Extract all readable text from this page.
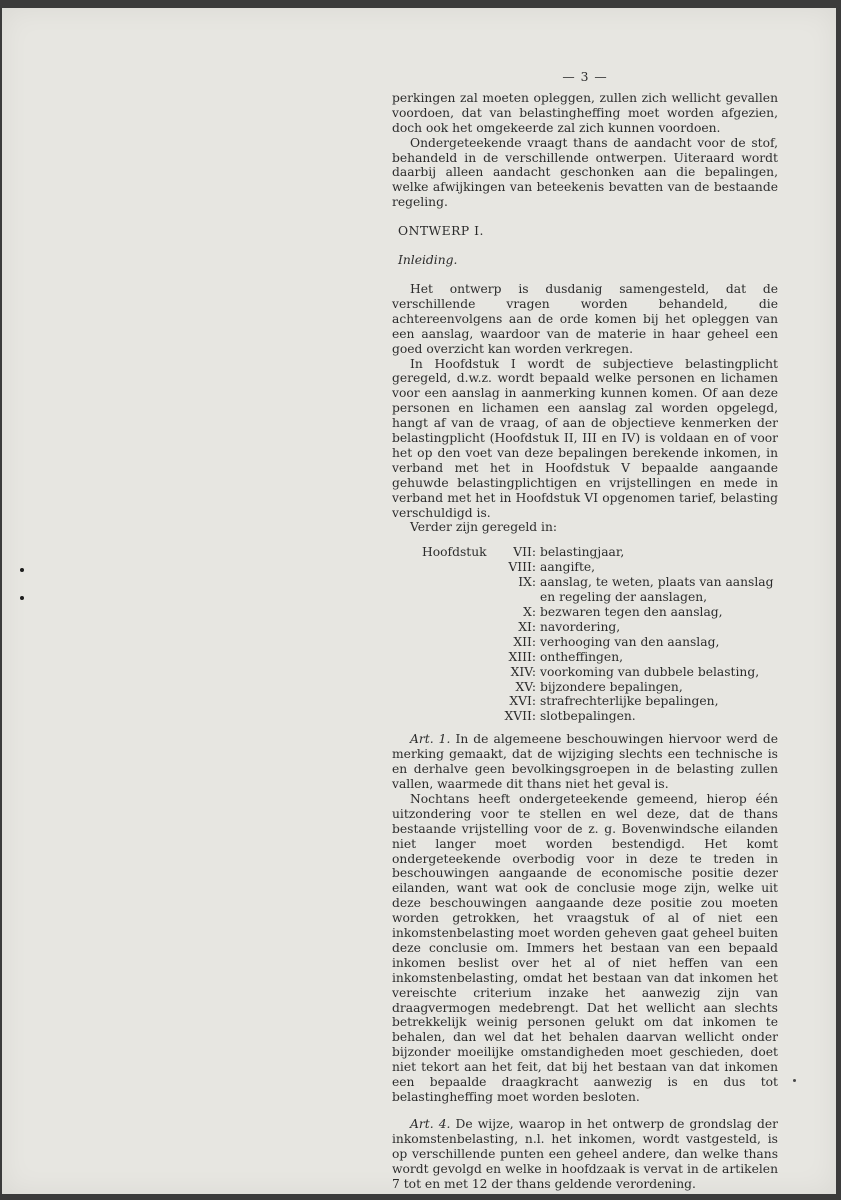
— 3 —

perkingen zal moeten opleggen, zullen zich wellicht gevallen voordoen, dat van belastingheffing moet worden afgezien, doch ook het omgekeerde zal zich kunnen voordoen.

Ondergeteekende vraagt thans de aandacht voor de stof, behandeld in de verschillende ontwerpen. Uiteraard wordt daarbij alleen aandacht geschonken aan die bepalingen, welke afwijkingen van beteekenis bevatten van de bestaande regeling.

ONTWERP I.
Inleiding.

Het ontwerp is dusdanig samengesteld, dat de verschillende vragen worden behandeld, die achtereenvolgens aan de orde komen bij het opleggen van een aanslag, waardoor van de materie in haar geheel een goed overzicht kan worden verkregen.

In Hoofdstuk I wordt de subjectieve belastingplicht geregeld, d.w.z. wordt bepaald welke personen en lichamen voor een aanslag in aanmerking kunnen komen. Of aan deze personen en lichamen een aanslag zal worden opgelegd, hangt af van de vraag, of aan de objectieve kenmerken der belastingplicht (Hoofdstuk II, III en IV) is voldaan en of voor het op den voet van deze bepalingen berekende inkomen, in verband met het in Hoofdstuk V bepaalde aangaande gehuwde belastingplichtigen en vrijstellingen en mede in verband met het in Hoofdstuk VI opgenomen tarief, belasting verschuldigd is.

Verder zijn geregeld in:

Hoofdstuk	VII: belastingjaar,
VIII: aangifte,
IX: aanslag, te weten, plaats van aanslag en regeling der aanslagen,
X: bezwaren tegen den aanslag,
XI: navordering,
XII: verhooging van den aanslag,
XIII: ontheffingen,
XIV: voorkoming van dubbele belasting,
XV: bijzondere bepalingen,
XVI: strafrechterlijke bepalingen,
XVII: slotbepalingen.

Art. 1. In de algemeene beschouwingen hiervoor werd de merking gemaakt, dat de wijziging slechts een technische is en derhalve geen bevolkingsgroepen in de belasting zullen vallen, waarmede dit thans niet het geval is.

Nochtans heeft ondergeteekende gemeend, hierop één uitzondering voor te stellen en wel deze, dat de thans bestaande vrijstelling voor de z. g. Bovenwindsche eilanden niet langer moet worden bestendigd. Het komt ondergeteekende overbodig voor in deze te treden in beschouwingen aangaande de economische positie dezer eilanden, want wat ook de conclusie moge zijn, welke uit deze beschouwingen aangaande deze positie zou moeten worden getrokken, het vraagstuk of al of niet een inkomstenbelasting moet worden geheven gaat geheel buiten deze conclusie om. Immers het bestaan van een bepaald inkomen beslist over het al of niet heffen van een inkomstenbelasting, omdat het bestaan van dat inkomen het vereischte criterium inzake het aanwezig zijn van draagvermogen medebrengt. Dat het wellicht aan slechts betrekkelijk weinig personen gelukt om dat inkomen te behalen, dan wel dat het behalen daarvan wellicht onder bijzonder moeilijke omstandigheden moet geschieden, doet niet tekort aan het feit, dat bij het bestaan van dat inkomen een bepaalde draagkracht aanwezig is en dus tot belastingheffing moet worden besloten.

Art. 4. De wijze, waarop in het ontwerp de grondslag der inkomstenbelasting, n.l. het inkomen, wordt vastgesteld, is op verschillende punten een geheel andere, dan welke thans wordt gevolgd en welke in hoofdzaak is vervat in de artikelen 7 tot en met 12 der thans geldende verordening.
